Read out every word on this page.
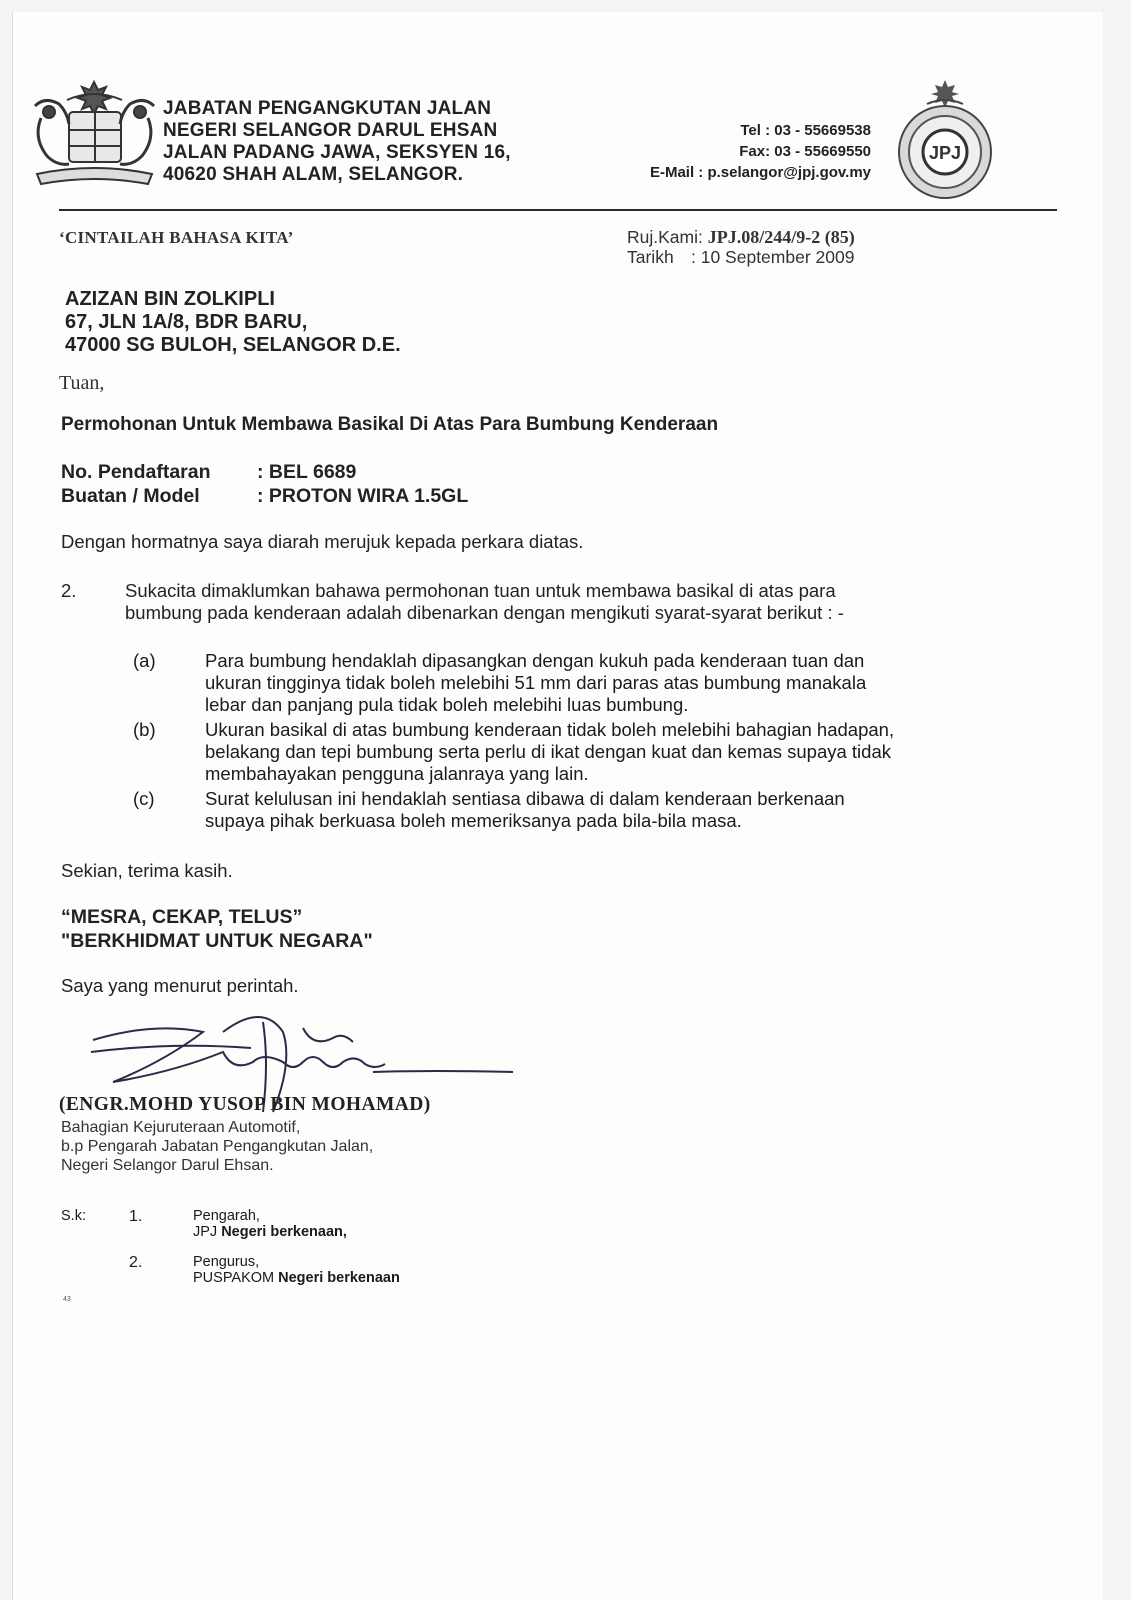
JABATAN PENGANGKUTAN JALAN
NEGERI SELANGOR DARUL EHSAN
JALAN PADANG JAWA, SEKSYEN 16,
40620 SHAH ALAM, SELANGOR.
Tel : 03 - 55669538
Fax: 03 - 55669550
E-Mail : p.selangor@jpj.gov.my
JPJ
‘CINTAILAH BAHASA KITA’	Ruj.Kami: JPJ.08/244/9-2 (85)
Tarikh : 10 September 2009
AZIZAN BIN ZOLKIPLI
67, JLN 1A/8, BDR BARU,
47000 SG BULOH, SELANGOR D.E.
Tuan,
Permohonan Untuk Membawa Basikal Di Atas Para Bumbung Kenderaan
No. Pendaftaran : BEL 6689
Buatan / Model	: PROTON WIRA 1.5GL
Dengan hormatnya saya diarah merujuk kepada perkara diatas.
2.	Sukacita dimaklumkan bahawa permohonan tuan untuk membawa basikal di atas para
bumbung pada kenderaan adalah dibenarkan dengan mengikuti syarat-syarat berikut : -
(a)	Para bumbung hendaklah dipasangkan dengan kukuh pada kenderaan tuan dan
ukuran tingginya tidak boleh melebihi 51 mm dari paras atas bumbung manakala
lebar dan panjang pula tidak boleh melebihi luas bumbung.
(b)	Ukuran basikal di atas bumbung kenderaan tidak boleh melebihi bahagian hadapan,
belakang dan tepi bumbung serta perlu di ikat dengan kuat dan kemas supaya tidak
membahayakan pengguna jalanraya yang lain.
(c)	Surat kelulusan ini hendaklah sentiasa dibawa di dalam kenderaan berkenaan
supaya pihak berkuasa boleh memeriksanya pada bila-bila masa.
Sekian, terima kasih.
“MESRA, CEKAP, TELUS”
"BERKHIDMAT UNTUK NEGARA"
Saya yang menurut perintah.
(ENGR.MOHD YUSOP BIN MOHAMAD)
Bahagian Kejuruteraan Automotif,
b.p Pengarah Jabatan Pengangkutan Jalan,
Negeri Selangor Darul Ehsan.
S.k:	1.	Pengarah,
JPJ Negeri berkenaan,
2.	Pengurus,
PUSPAKOM Negeri berkenaan
43
